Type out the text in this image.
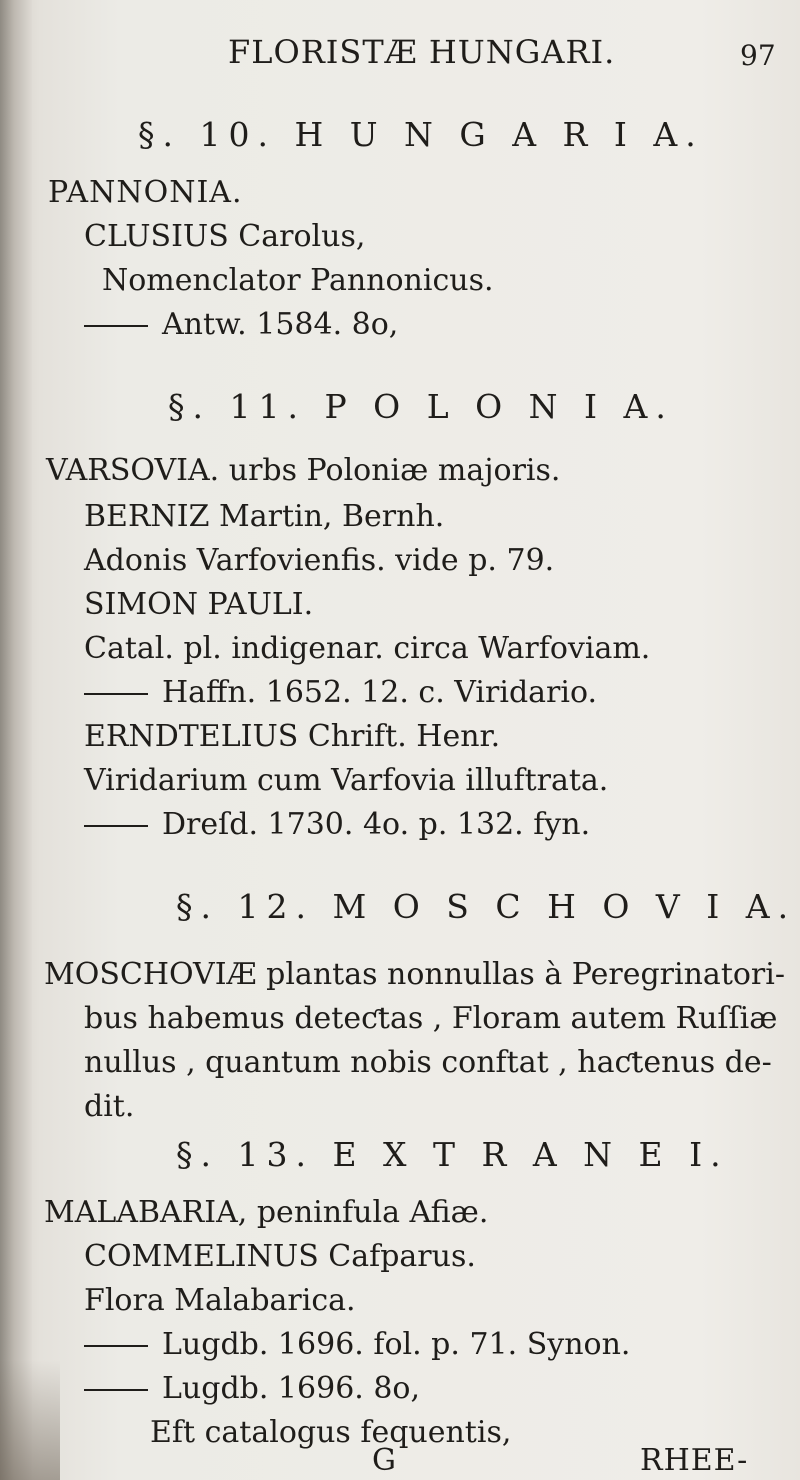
FLORISTÆ HUNGARI.	97
§. 10. H U N G A R I A.
PANNONIA.
CLUSIUS Carolus,
Nomenclator Pannonicus.
Antw. 1584. 8o,
§. 11. P O L O N I A.
VARSOVIA. urbs Poloniæ majoris.
BERNIZ Martin, Bernh.
Adonis Varfovienfis. vide p. 79.
SIMON PAULI.
Catal. pl. indigenar. circa Warfoviam.
Haffn. 1652. 12. c. Viridario.
ERNDTELIUS Chrift. Henr.
Viridarium cum Varfovia illuftrata.
Dreſd. 1730. 4o. p. 132. fyn.
§. 12. M O S C H O V I A.
MOSCHOVIÆ plantas nonnullas à Peregrinatori-
bus habemus deteƈtas , Floram autem Ruſſiæ
nullus , quantum nobis conftat , haƈtenus de-
dit.
§. 13. E X T R A N E I.
MALABARIA, peninfula Afiæ.
COMMELINUS Cafparus.
Flora Malabarica.
Lugdb. 1696. fol. p. 71. Synon.
Lugdb. 1696. 8o,
Eft catalogus fequentis,
G	RHEE-
